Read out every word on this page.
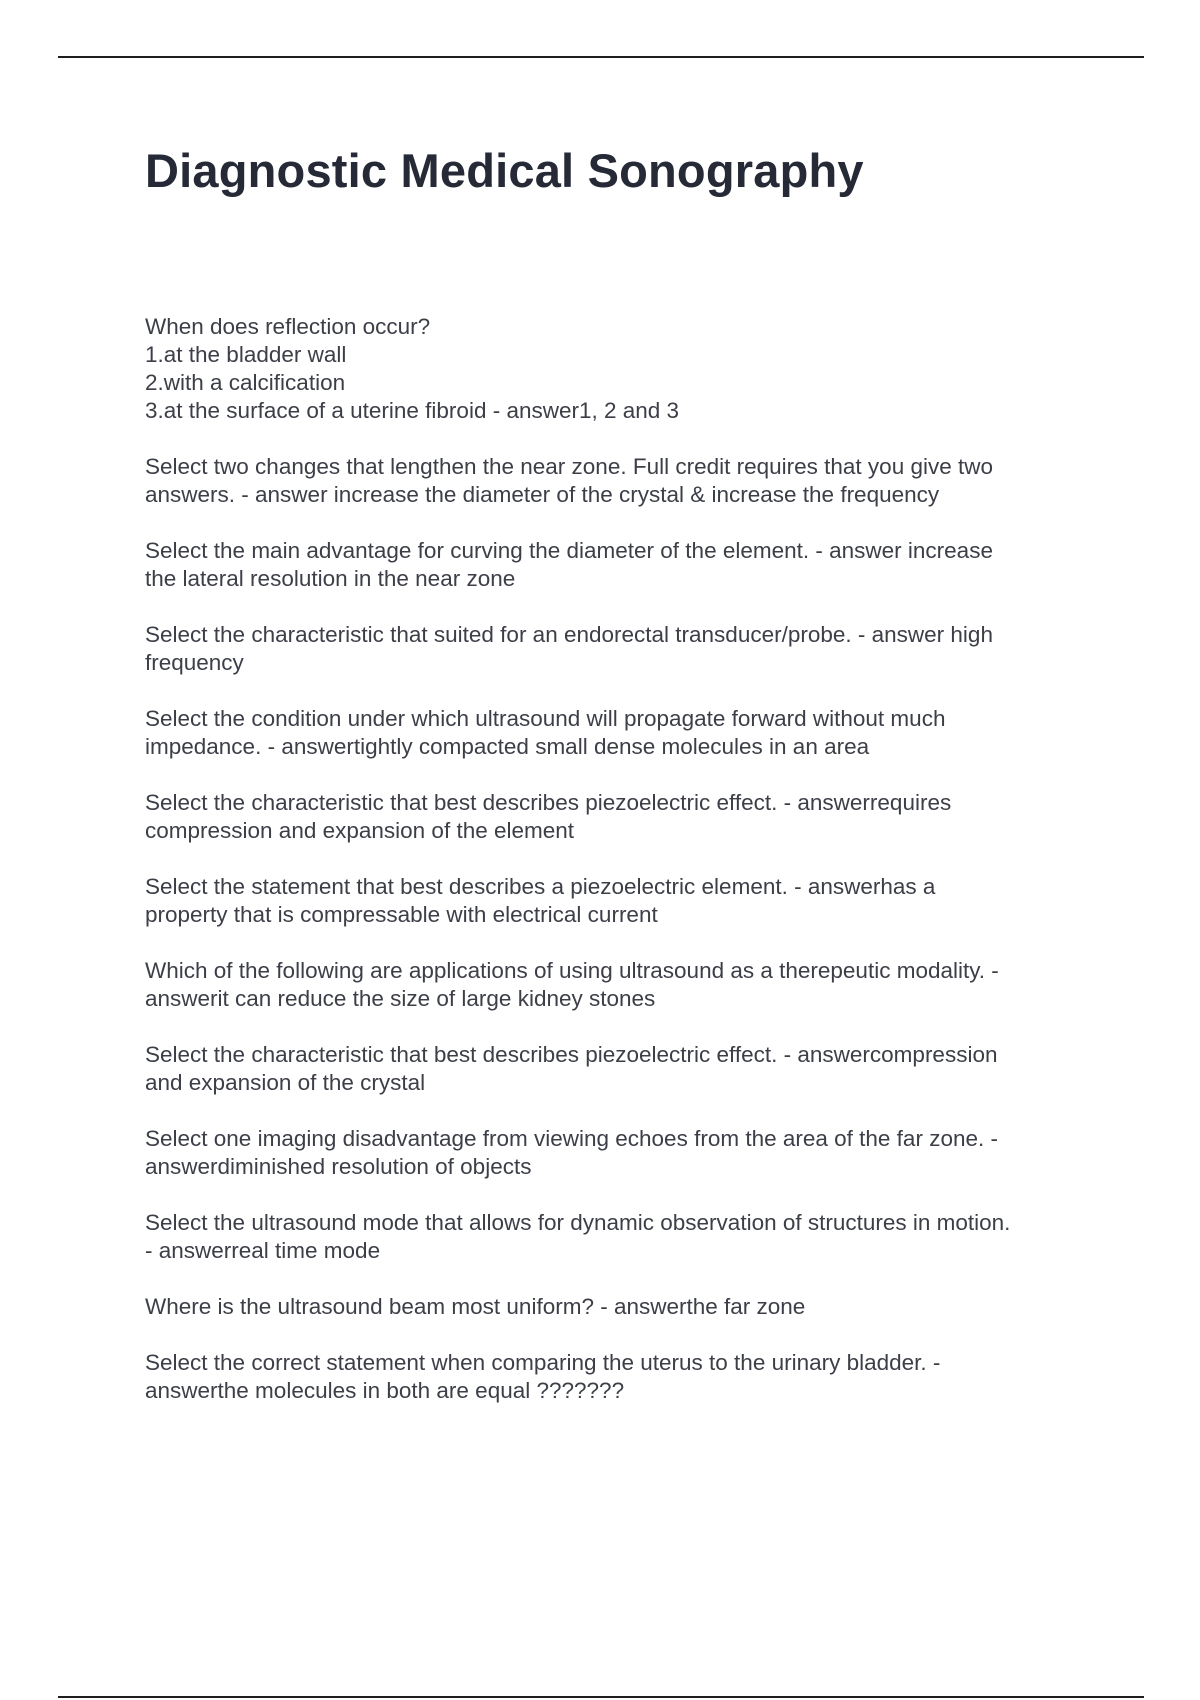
Diagnostic Medical Sonography
When does reflection occur?
1.at the bladder wall
2.with a calcification
3.at the surface of a uterine fibroid - answer1, 2 and 3
Select two changes that lengthen the near zone. Full credit requires that you give two
answers. - answer increase the diameter of the crystal & increase the frequency
Select the main advantage for curving the diameter of the element. - answer increase
the lateral resolution in the near zone
Select the characteristic that suited for an endorectal transducer/probe. - answer high
frequency
Select the condition under which ultrasound will propagate forward without much
impedance. - answertightly compacted small dense molecules in an area
Select the characteristic that best describes piezoelectric effect. - answerrequires
compression and expansion of the element
Select the statement that best describes a piezoelectric element. - answerhas a
property that is compressable with electrical current
Which of the following are applications of using ultrasound as a therepeutic modality. -
answerit can reduce the size of large kidney stones
Select the characteristic that best describes piezoelectric effect. - answercompression
and expansion of the crystal
Select one imaging disadvantage from viewing echoes from the area of the far zone. -
answerdiminished resolution of objects
Select the ultrasound mode that allows for dynamic observation of structures in motion.
- answerreal time mode
Where is the ultrasound beam most uniform? - answerthe far zone
Select the correct statement when comparing the uterus to the urinary bladder. -
answerthe molecules in both are equal ???????
